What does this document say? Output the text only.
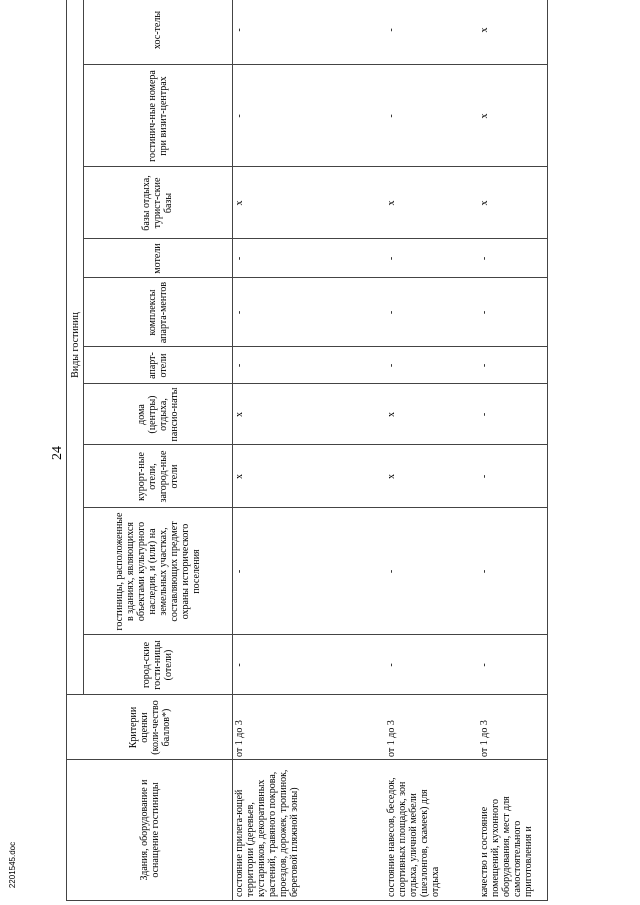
24
2201545.doc
Виды гостиниц
Здания, оборудование и оснащение гостиницы
Критерии оценки (коли-чество баллов*)
город-ские гости-ницы (отели)
гостиницы, расположенные в зданиях, являющихся объектами культурного наследия, и (или) на земельных участках, составляющих предмет охраны исторического поселения
курорт-ные отели, загород-ные отели
дома (центры) отдыха, пансио-наты
апарт-отели
комплексы апарта-ментов
мотели
базы отдыха, турист-ские базы
гостинич-ные номера при визит-центрах
хос-телы
состояние прилега-ющей территории (деревьев, кустарников, декоративных растений, травяного покрова, проездов, дорожек, тропинок, береговой пляжной зоны)
от 1 до 3
-
-
x
x
-
-
-
x
-
-
состояние навесов, беседок, спортивных площадок, зон отдыха, уличной мебели (шезлонгов, скамеек) для отдыха
от 1 до 3
-
-
x
x
-
-
-
x
-
-
качество и состояние помещений, кухонного оборудования, мест для самостоятельного приготовления и
от 1 до 3
-
-
-
-
-
-
-
x
x
x
